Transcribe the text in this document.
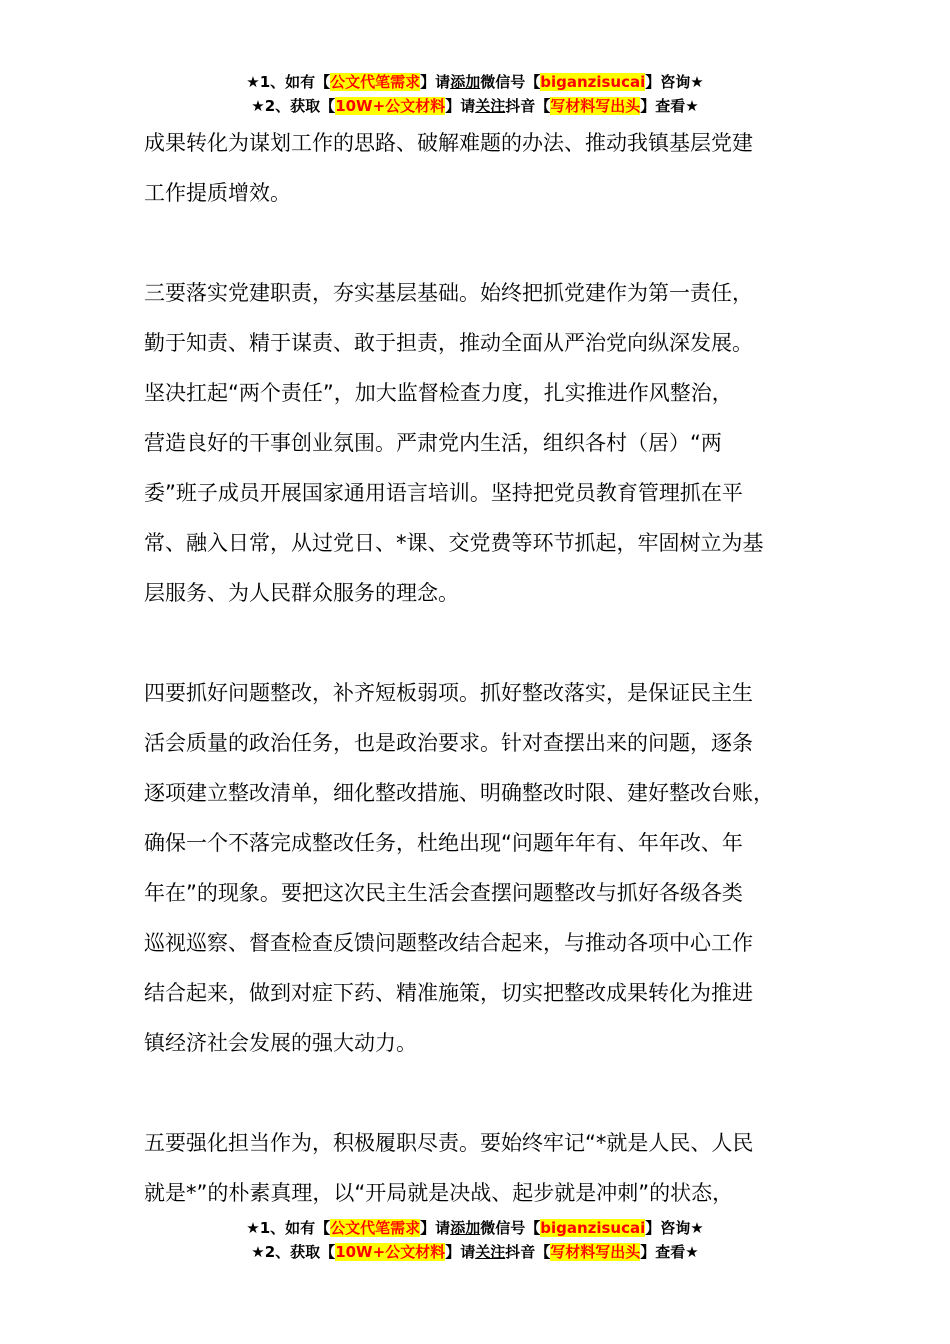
★1、如有【公文代笔需求】请添加微信号【biganzisucai】咨询★
★2、获取【10W+公文材料】请关注抖音【写材料写出头】查看★
成果转化为谋划工作的思路、破解难题的办法、推动我镇基层党建
工作提质增效。
三要落实党建职责，夯实基层基础。始终把抓党建作为第一责任，
勤于知责、精于谋责、敢于担责，推动全面从严治党向纵深发展。
坚决扛起“两个责任”，加大监督检查力度，扎实推进作风整治，
营造良好的干事创业氛围。严肃党内生活，组织各村（居）“两
委”班子成员开展国家通用语言培训。坚持把党员教育管理抓在平
常、融入日常，从过党日、*课、交党费等环节抓起，牢固树立为基
层服务、为人民群众服务的理念。
四要抓好问题整改，补齐短板弱项。抓好整改落实，是保证民主生
活会质量的政治任务，也是政治要求。针对查摆出来的问题，逐条
逐项建立整改清单，细化整改措施、明确整改时限、建好整改台账，
确保一个不落完成整改任务，杜绝出现“问题年年有、年年改、年
年在”的现象。要把这次民主生活会查摆问题整改与抓好各级各类
巡视巡察、督查检查反馈问题整改结合起来，与推动各项中心工作
结合起来，做到对症下药、精准施策，切实把整改成果转化为推进
镇经济社会发展的强大动力。
五要强化担当作为，积极履职尽责。要始终牢记“*就是人民、人民
就是*”的朴素真理，以“开局就是决战、起步就是冲刺”的状态，
★1、如有【公文代笔需求】请添加微信号【biganzisucai】咨询★
★2、获取【10W+公文材料】请关注抖音【写材料写出头】查看★
